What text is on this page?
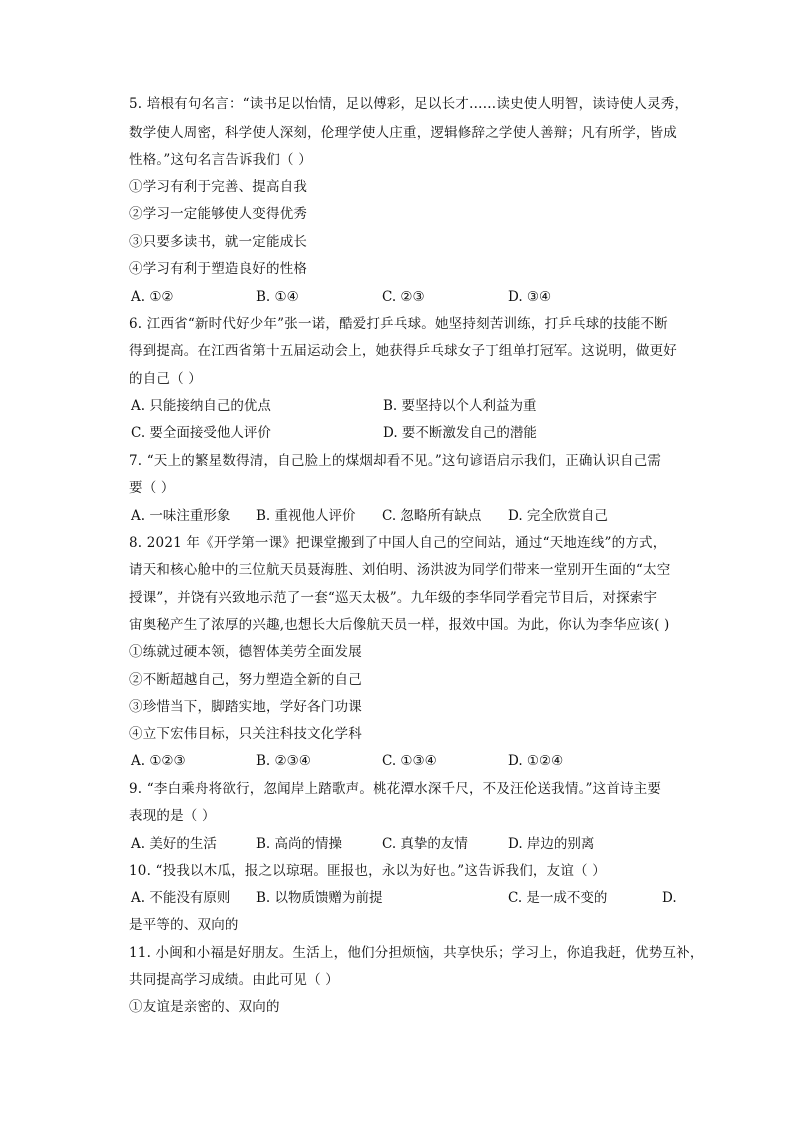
5. 培根有句名言：“读书足以怡情，足以傅彩，足以长才……读史使人明智，读诗使人灵秀，
数学使人周密，科学使人深刻，伦理学使人庄重，逻辑修辞之学使人善辩；凡有所学，皆成
性格。”这句名言告诉我们（ ）
①学习有利于完善、提高自我
②学习一定能够使人变得优秀
③只要多读书，就一定能成长
④学习有利于塑造良好的性格
A. ①②	B. ①④	C. ②③	D. ③④
6. 江西省“新时代好少年”张一诺，酷爱打乒乓球。她坚持刻苦训练，打乒乓球的技能不断
得到提高。在江西省第十五届运动会上，她获得乒乓球女子丁组单打冠军。这说明，做更好
的自己（ ）
A. 只能接纳自己的优点	B. 要坚持以个人利益为重
C. 要全面接受他人评价	D. 要不断激发自己的潜能
7. “天上的繁星数得清，自己脸上的煤烟却看不见。”这句谚语启示我们，正确认识自己需
要（ ）
A. 一味注重形象 B. 重视他人评价 C. 忽略所有缺点 D. 完全欣赏自己
8. 2021 年《开学第一课》把课堂搬到了中国人自己的空间站，通过“天地连线”的方式，
请天和核心舱中的三位航天员聂海胜、刘伯明、汤洪波为同学们带来一堂别开生面的“太空
授课”，并饶有兴致地示范了一套“巡天太极”。九年级的李华同学看完节目后，对探索宇
宙奥秘产生了浓厚的兴趣,也想长大后像航天员一样，报效中国。为此，你认为李华应该( )
①练就过硬本领，德智体美劳全面发展
②不断超越自己，努力塑造全新的自己
③珍惜当下，脚踏实地，学好各门功课
④立下宏伟目标，只关注科技文化学科
A. ①②③	B. ②③④	C. ①③④	D. ①②④
9. “李白乘舟将欲行，忽闻岸上踏歌声。桃花潭水深千尺，不及汪伦送我情。”这首诗主要
表现的是（ ）
A. 美好的生活	B. 高尚的情操	C. 真挚的友情	D. 岸边的别离
10. “投我以木瓜，报之以琼琚。匪报也，永以为好也。”这告诉我们，友谊（ ）
A. 不能没有原则 B. 以物质馈赠为前提	C. 是一成不变的	D.
是平等的、双向的
11. 小闽和小福是好朋友。生活上，他们分担烦恼，共享快乐；学习上，你追我赶，优势互补，
共同提高学习成绩。由此可见（ ）
①友谊是亲密的、双向的
